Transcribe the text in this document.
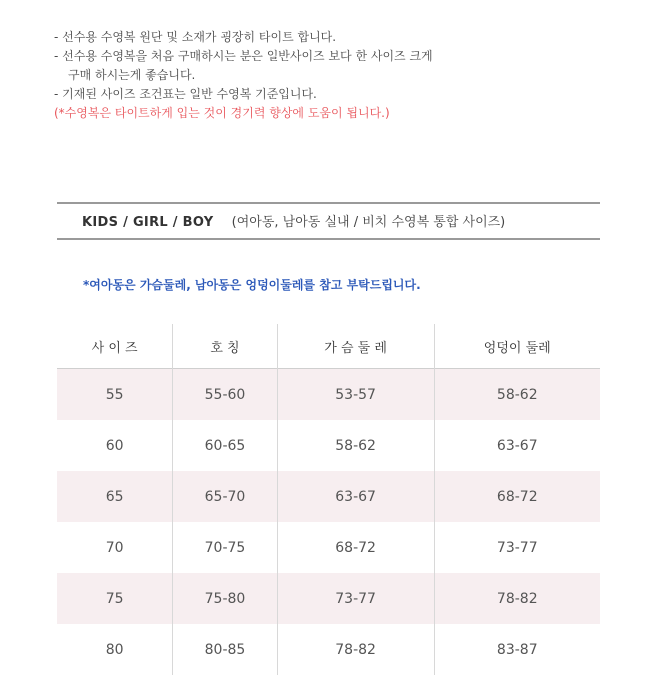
- 선수용 수영복 원단 및 소재가 굉장히 타이트 합니다.
- 선수용 수영복을 처음 구매하시는 분은 일반사이즈 보다 한 사이즈 크게
구매 하시는게 좋습니다.
- 기재된 사이즈 조건표는 일반 수영복 기준입니다.
(*수영복은 타이트하게 입는 것이 경기력 향상에 도움이 됩니다.)
KIDS / GIRL / BOY (여아동, 남아동 실내 / 비치 수영복 통합 사이즈)
*여아동은 가슴둘레, 남아동은 엉덩이둘레를 참고 부탁드립니다.
사 이 즈	호 칭	가 슴 둘 레	엉덩이 둘레
55	55-60	53-57	58-62
60	60-65	58-62	63-67
65	65-70	63-67	68-72
70	70-75	68-72	73-77
75	75-80	73-77	78-82
80	80-85	78-82	83-87
